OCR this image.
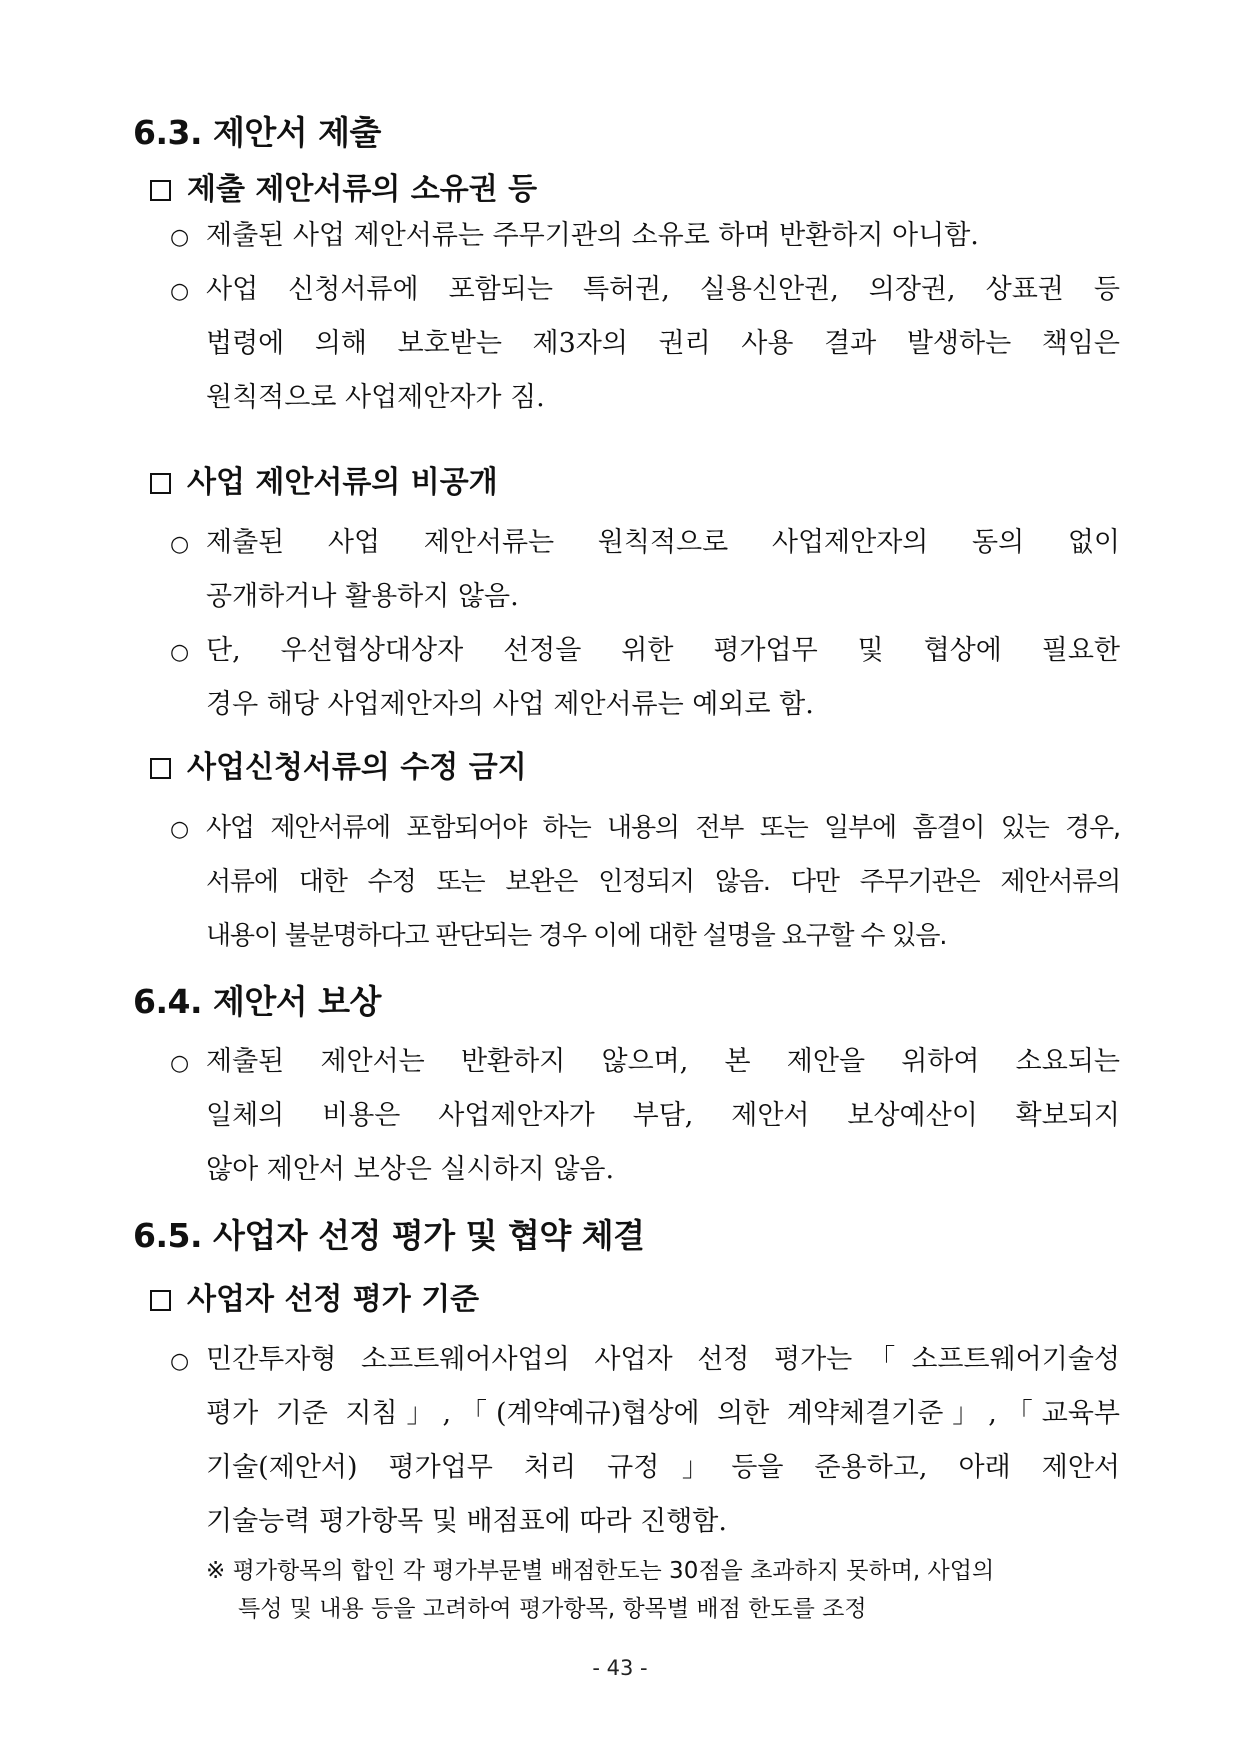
6.3. 제안서 제출
제출 제안서류의 소유권 등
○ 제출된 사업 제안서류는 주무기관의 소유로 하며 반환하지 아니함.
○ 사업 신청서류에 포함되는 특허권, 실용신안권, 의장권, 상표권 등
법령에 의해 보호받는 제3자의 권리 사용 결과 발생하는 책임은
원칙적으로 사업제안자가 짐.
사업 제안서류의 비공개
○ 제출된 사업 제안서류는 원칙적으로 사업제안자의 동의 없이
공개하거나 활용하지 않음.
○ 단, 우선협상대상자 선정을 위한 평가업무 및 협상에 필요한
경우 해당 사업제안자의 사업 제안서류는 예외로 함.
사업신청서류의 수정 금지
○ 사업 제안서류에 포함되어야 하는 내용의 전부 또는 일부에 흠결이 있는 경우,
서류에 대한 수정 또는 보완은 인정되지 않음. 다만 주무기관은 제안서류의
내용이 불분명하다고 판단되는 경우 이에 대한 설명을 요구할 수 있음.
6.4. 제안서 보상
○ 제출된 제안서는 반환하지 않으며, 본 제안을 위하여 소요되는
일체의 비용은 사업제안자가 부담, 제안서 보상예산이 확보되지
않아 제안서 보상은 실시하지 않음.
6.5. 사업자 선정 평가 및 협약 체결
사업자 선정 평가 기준
○ 민간투자형 소프트웨어사업의 사업자 선정 평가는「소프트웨어기술성
평가 기준 지침」,「(계약예규)협상에 의한 계약체결기준」,「교육부
기술(제안서) 평가업무 처리 규정」등을 준용하고, 아래 제안서
기술능력 평가항목 및 배점표에 따라 진행함.
※ 평가항목의 합인 각 평가부문별 배점한도는 30점을 초과하지 못하며, 사업의
특성 및 내용 등을 고려하여 평가항목, 항목별 배점 한도를 조정
- 43 -
